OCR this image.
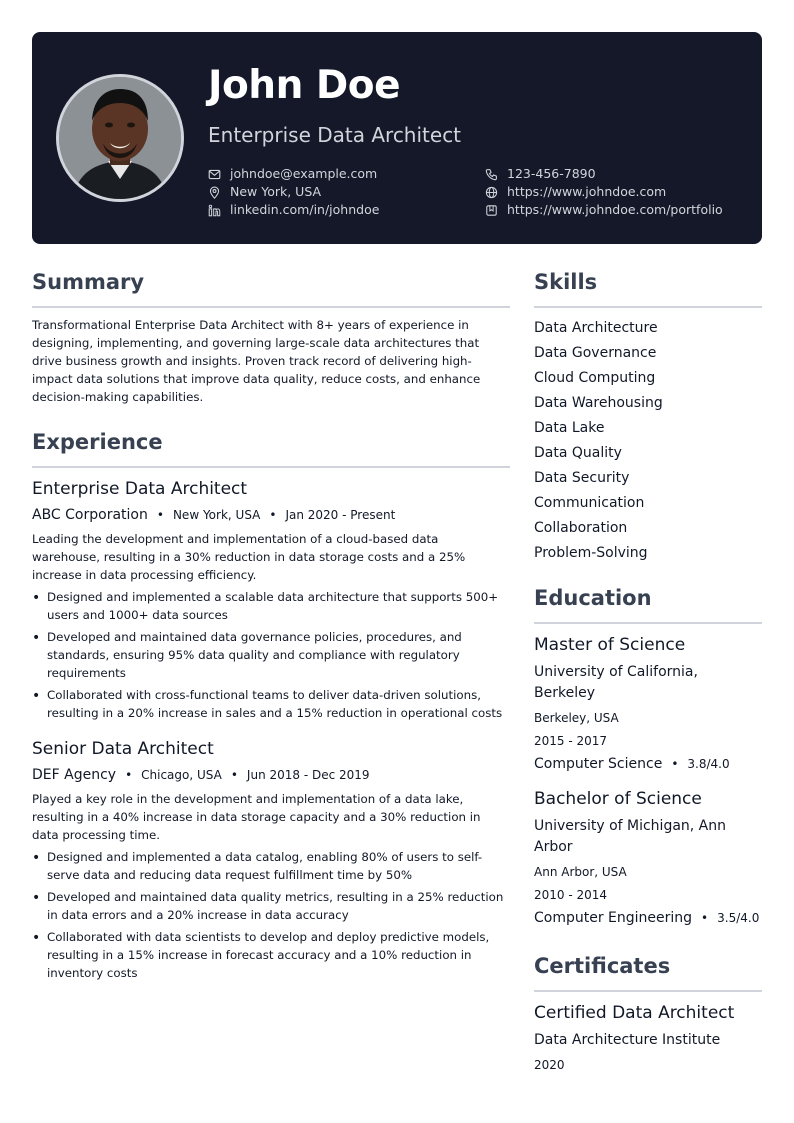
John Doe
Enterprise Data Architect
johndoe@example.com	123-456-7890
New York, USA	https://www.johndoe.com
linkedin.com/in/johndoe	https://www.johndoe.com/portfolio
Summary

Transformational Enterprise Data Architect with 8+ years of experience in designing, implementing, and governing large-scale data architectures that drive business growth and insights. Proven track record of delivering high-impact data solutions that improve data quality, reduce costs, and enhance decision-making capabilities.

Experience
Enterprise Data Architect
ABC Corporation • New York, USA • Jan 2020 - Present

Leading the development and implementation of a cloud-based data warehouse, resulting in a 30% reduction in data storage costs and a 25% increase in data processing efficiency.

• Designed and implemented a scalable data architecture that supports 500+ users and 1000+ data sources
• Developed and maintained data governance policies, procedures, and standards, ensuring 95% data quality and compliance with regulatory requirements
• Collaborated with cross-functional teams to deliver data-driven solutions, resulting in a 20% increase in sales and a 15% reduction in operational costs
Senior Data Architect
DEF Agency • Chicago, USA • Jun 2018 - Dec 2019

Played a key role in the development and implementation of a data lake, resulting in a 40% increase in data storage capacity and a 30% reduction in data processing time.

• Designed and implemented a data catalog, enabling 80% of users to self-serve data and reducing data request fulfillment time by 50%
• Developed and maintained data quality metrics, resulting in a 25% reduction in data errors and a 20% increase in data accuracy
• Collaborated with data scientists to develop and deploy predictive models, resulting in a 15% increase in forecast accuracy and a 10% reduction in inventory costs
Skills
Data Architecture
Data Governance
Cloud Computing
Data Warehousing
Data Lake
Data Quality
Data Security
Communication
Collaboration
Problem-Solving
Education
Master of Science
University of California, Berkeley
Berkeley, USA
2015 - 2017
Computer Science • 3.8/4.0
Bachelor of Science
University of Michigan, Ann Arbor
Ann Arbor, USA
2010 - 2014
Computer Engineering • 3.5/4.0
Certificates
Certified Data Architect
Data Architecture Institute
2020
